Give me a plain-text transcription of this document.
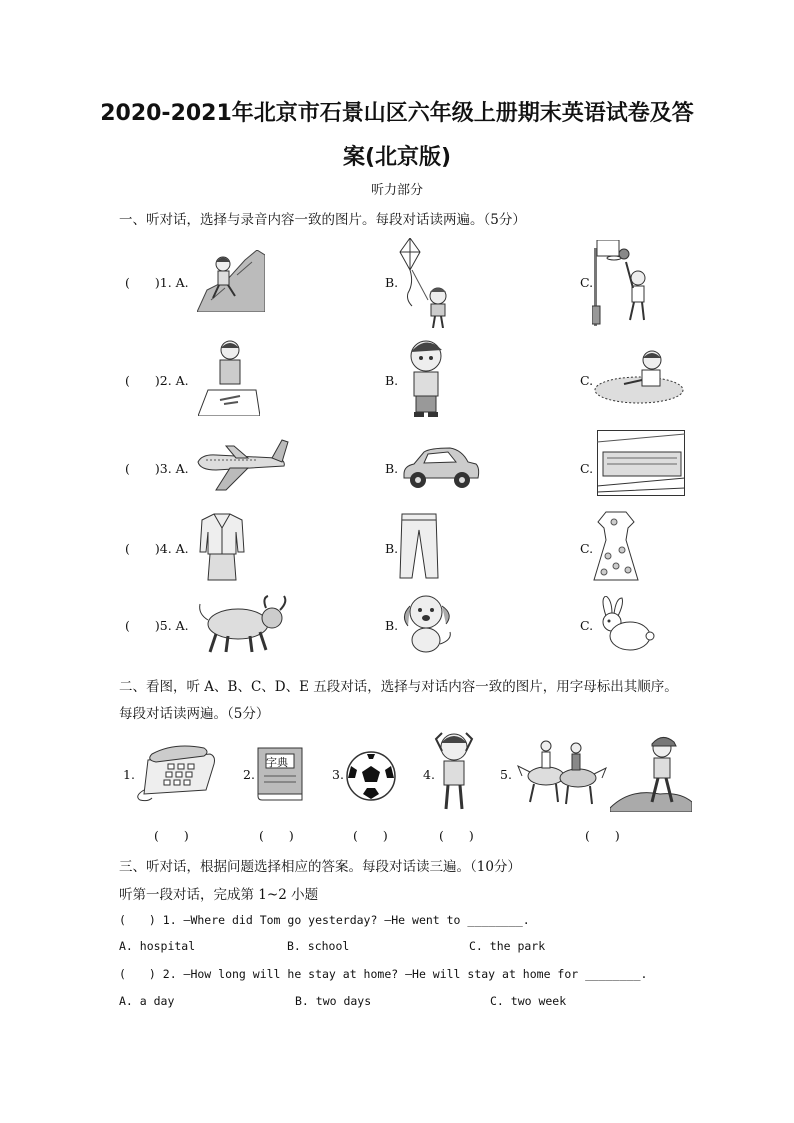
2020-2021年北京市石景山区六年级上册期末英语试卷及答
案(北京版)
听力部分
一、听对话，选择与录音内容一致的图片。每段对话读两遍。（5分）
(　　)1. A.	B.	C.
(　　)2. A.	B.	C.
(　　)3. A.	B.	C.
(　　)4. A.	B.	C.
(　　)5. A.	B.	C.
二、看图，听 A、B、C、D、E 五段对话，选择与对话内容一致的图片，用字母标出其顺序。
每段对话读两遍。（5分）
1.	2.
字典
3.	4.	5.
(　　)	(　　)	(　　)	(　　)	(　　)
三、听对话，根据问题选择相应的答案。每段对话读三遍。（10分）
听第一段对话，完成第 1~2 小题
(　　) 1. —Where did Tom go yesterday? —He went to ________.
A. hospital	B. school	C. the park
(　　) 2. —How long will he stay at home? —He will stay at home for ________.
A. a day	B. two days	C. two week
